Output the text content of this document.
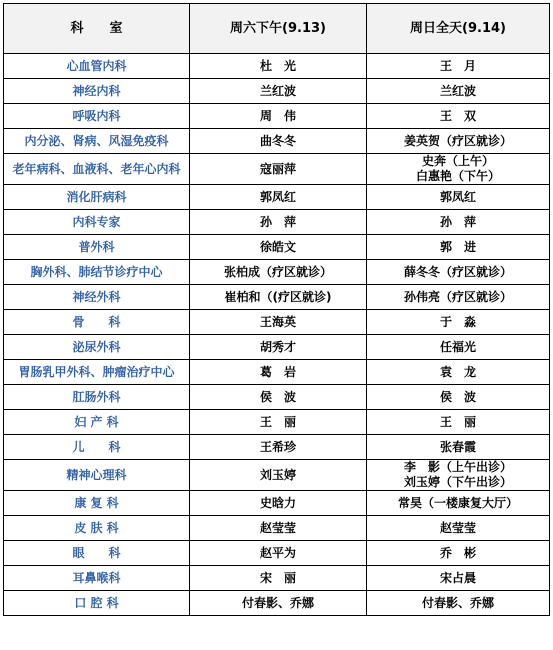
科　　室	周六下午(9.13)	周日全天(9.14)
心血管内科	杜　光	王　月

神经内科	兰红波	兰红波

呼吸内科	周　伟	王　双

内分泌、肾病、风湿免疫科	曲冬冬	姜英贺（疗区就诊）

老年病科、血液科、老年心内科	寇丽萍	史奔（上午）
白惠艳（下午）

消化肝病科	郭凤红	郭凤红

内科专家	孙　萍	孙　萍

普外科	徐皓文	郭　进

胸外科、肺结节诊疗中心	张柏成（疗区就诊）	薛冬冬（疗区就诊）

神经外科	崔柏和（(疗区就诊)	孙伟亮（疗区就诊）

骨　　科	王海英	于　淼

泌尿外科	胡秀才	任福光

胃肠乳甲外科、肿瘤治疗中心	葛　岩	袁　龙

肛肠外科	侯　波	侯　波

妇 产 科	王　丽	王　丽

儿　　科	王希珍	张春霞

精神心理科	刘玉婷	李　影（上午出诊）
刘玉婷（下午出诊）

康 复 科	史晗力	常昊（一楼康复大厅）

皮 肤 科	赵莹莹	赵莹莹

眼　　科	赵平为	乔　彬

耳鼻喉科	宋　丽	宋占晨

口 腔 科	付春影、乔娜	付春影、乔娜
